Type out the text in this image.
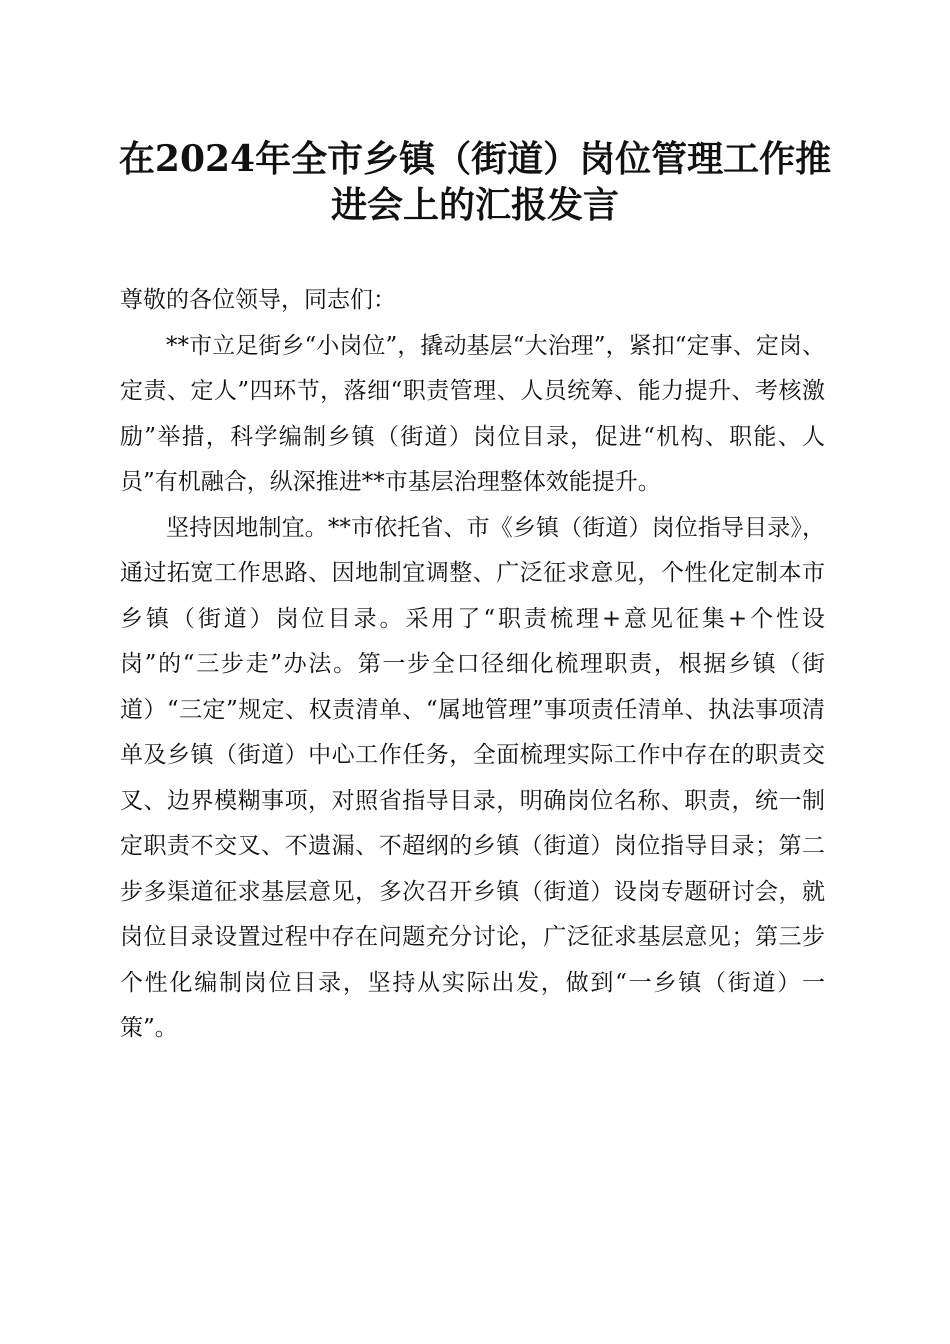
在2024年全市乡镇（街道）岗位管理工作推
进会上的汇报发言

尊敬的各位领导，同志们：

**市立足街乡“小岗位”，撬动基层“大治理”，紧扣“定事、定岗、定责、定人”四环节，落细“职责管理、人员统筹、能力提升、考核激励”举措，科学编制乡镇（街道）岗位目录，促进“机构、职能、人员”有机融合，纵深推进**市基层治理整体效能提升。

坚持因地制宜。**市依托省、市《乡镇（街道）岗位指导目录》，通过拓宽工作思路、因地制宜调整、广泛征求意见，个性化定制本市乡镇（街道）岗位目录。采用了“职责梳理+意见征集+个性设岗”的“三步走”办法。第一步全口径细化梳理职责，根据乡镇（街道）“三定”规定、权责清单、“属地管理”事项责任清单、执法事项清单及乡镇（街道）中心工作任务，全面梳理实际工作中存在的职责交叉、边界模糊事项，对照省指导目录，明确岗位名称、职责，统一制定职责不交叉、不遗漏、不超纲的乡镇（街道）岗位指导目录；第二步多渠道征求基层意见，多次召开乡镇（街道）设岗专题研讨会，就岗位目录设置过程中存在问题充分讨论，广泛征求基层意见；第三步个性化编制岗位目录，坚持从实际出发，做到“一乡镇（街道）一策”。
